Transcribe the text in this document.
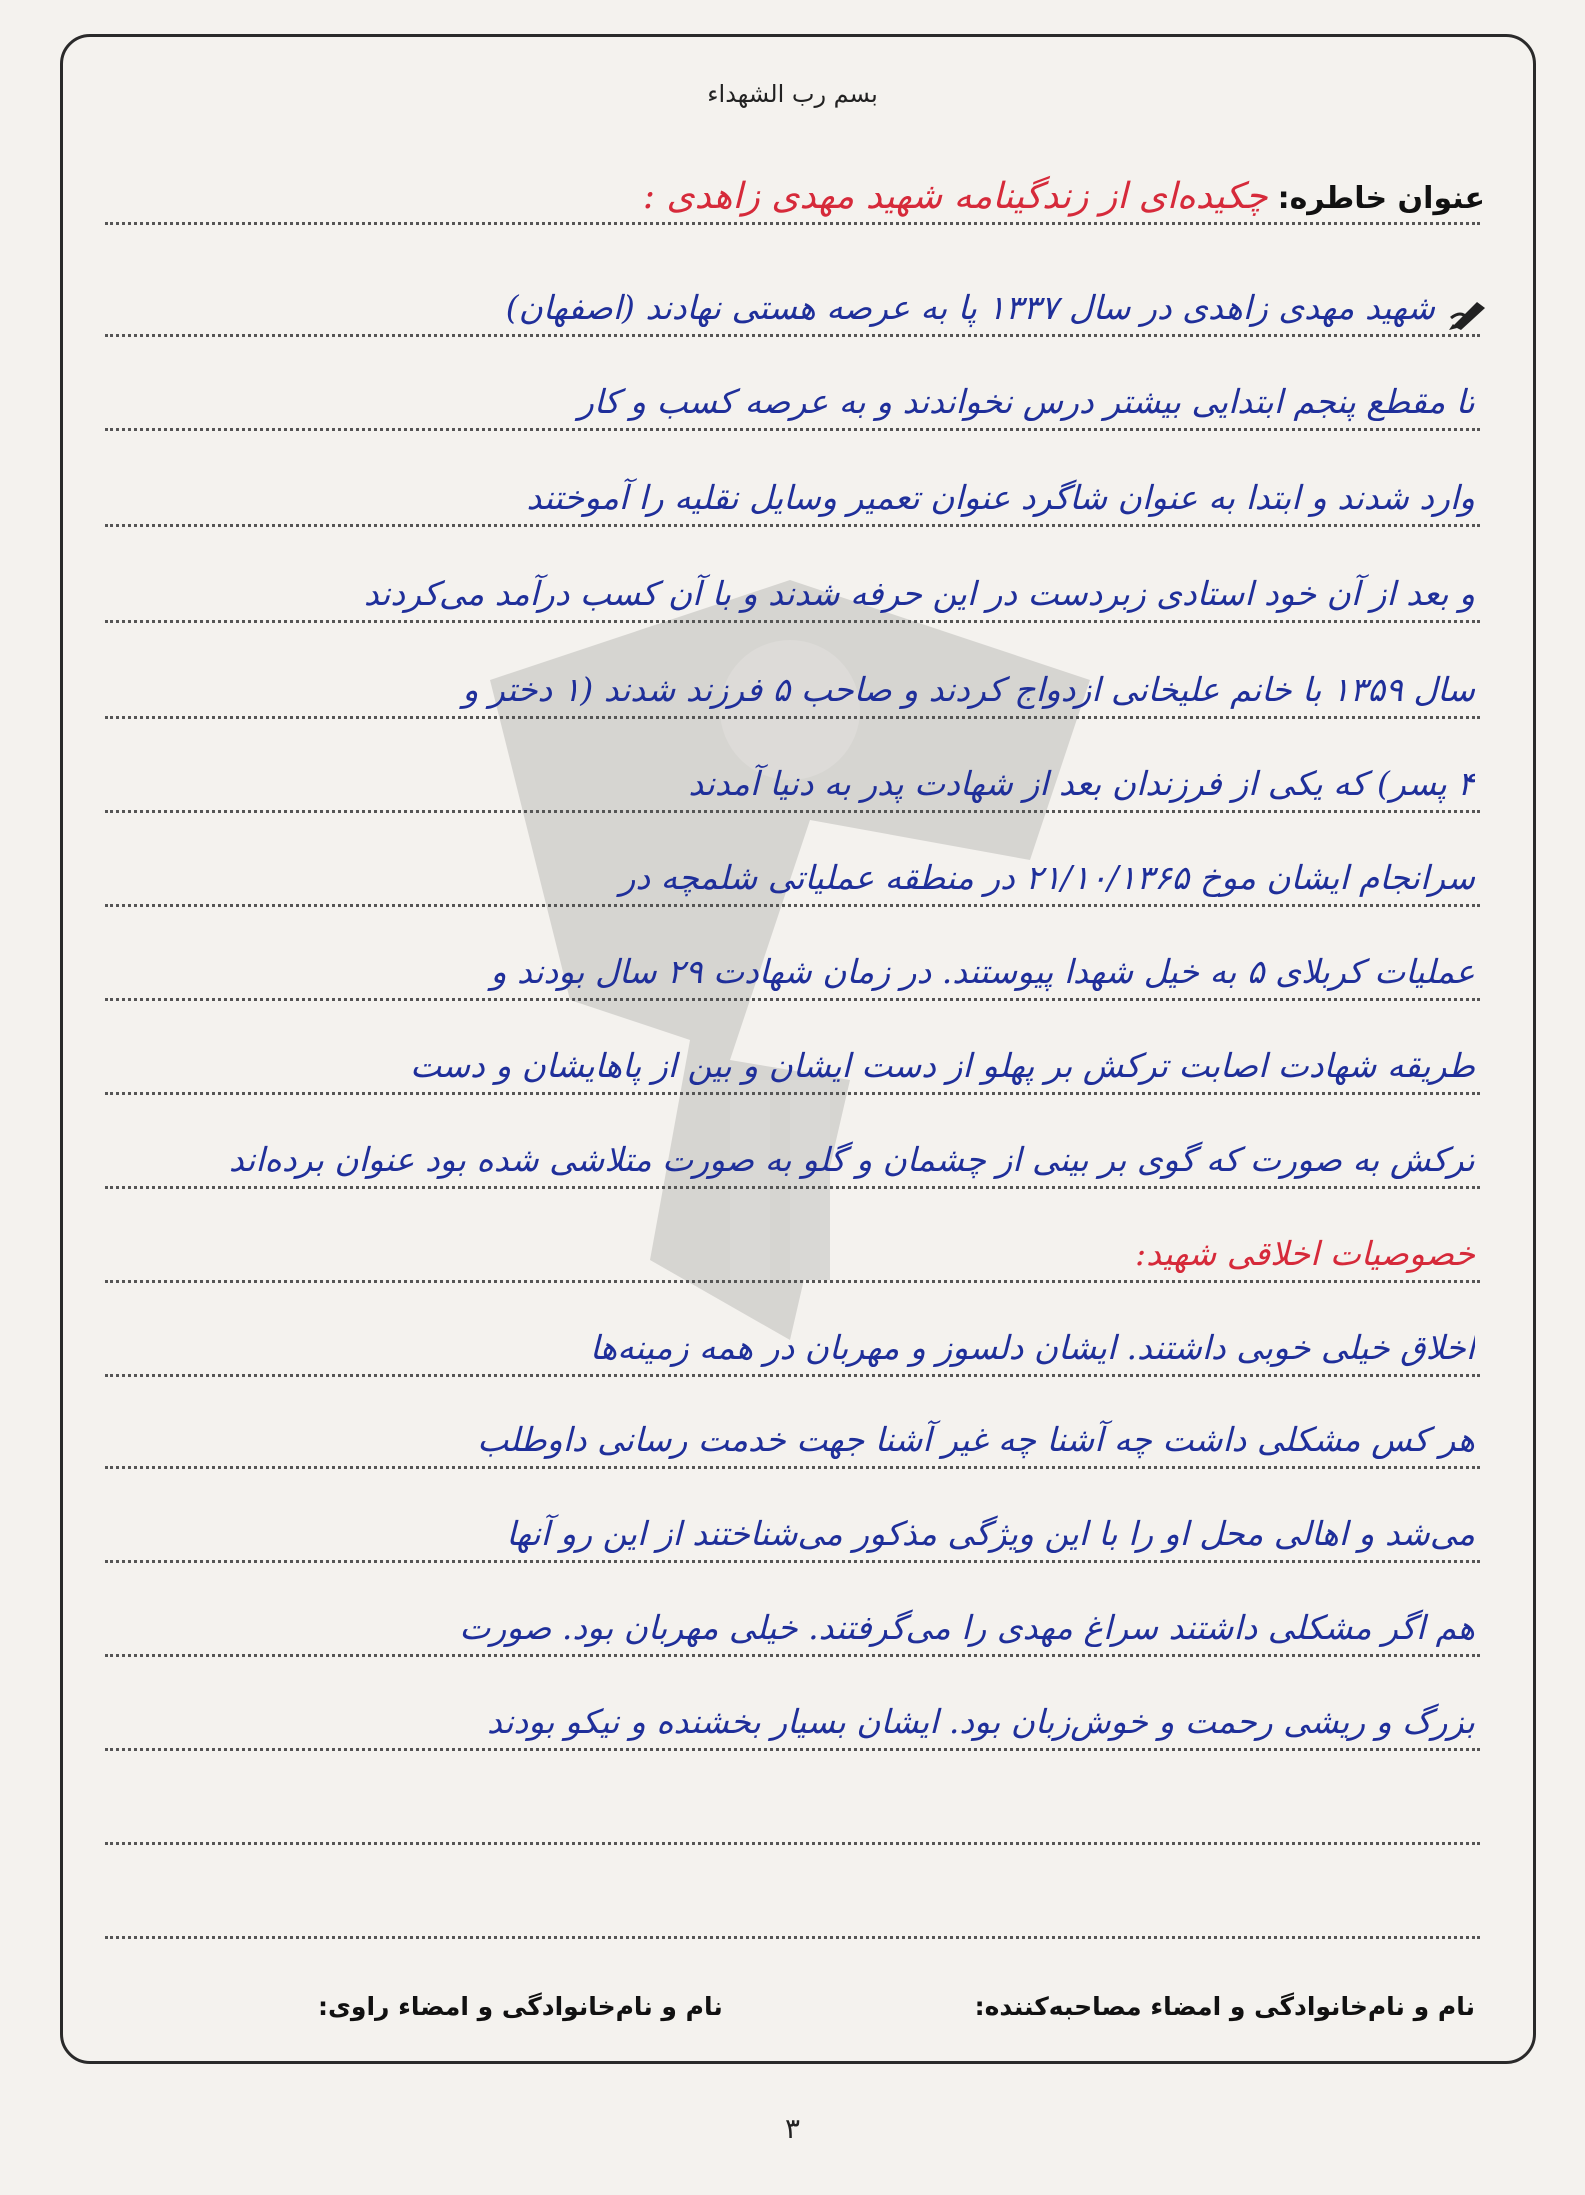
بسم رب الشهداء
عنوان خاطره:
چکیده‌ای از زندگینامه شهید مهدی زاهدی :
شهید مهدی زاهدی در سال ۱۳۳۷ پا به عرصه هستی نهادند (اصفهان)
تا مقطع پنجم ابتدایی بیشتر درس نخواندند و به عرصه کسب و کار
وارد شدند و ابتدا به عنوان شاگرد عنوان تعمیر وسایل نقلیه را آموختند
و بعد از آن خود استادی زبردست در این حرفه شدند و با آن کسب درآمد می‌کردند
سال ۱۳۵۹ با خانم علیخانی ازدواج کردند و صاحب ۵ فرزند شدند (۱ دختر و
۴ پسر) که یکی از فرزندان بعد از شهادت پدر به دنیا آمدند
سرانجام ایشان موخ ۲۱/۱۰/۱۳۶۵ در منطقه عملیاتی شلمچه در
عملیات کربلای ۵ به خیل شهدا پیوستند. در زمان شهادت ۲۹ سال بودند و
طریقه شهادت اصابت ترکش بر پهلو از دست ایشان و بین از پاهایشان و دست
ترکش به صورت که گوی بر بینی از چشمان و گلو به صورت متلاشی شده بود عنوان برده‌اند
خصوصیات اخلاقی شهید:
اخلاق خیلی خوبی داشتند. ایشان دلسوز و مهربان در همه زمینه‌ها
هر کس مشکلی داشت چه آشنا چه غیر آشنا جهت خدمت رسانی داوطلب
می‌شد و اهالی محل او را با این ویژگی مذکور می‌شناختند از این رو آنها
هم اگر مشکلی داشتند سراغ مهدی را می‌گرفتند. خیلی مهربان بود. صورت
بزرگ و ریشی رحمت و خوش‌زبان بود. ایشان بسیار بخشنده و نیکو بودند
نام و نام‌خانوادگی و امضاء راوی:	نام و نام‌خانوادگی و امضاء مصاحبه‌کننده:
۳
